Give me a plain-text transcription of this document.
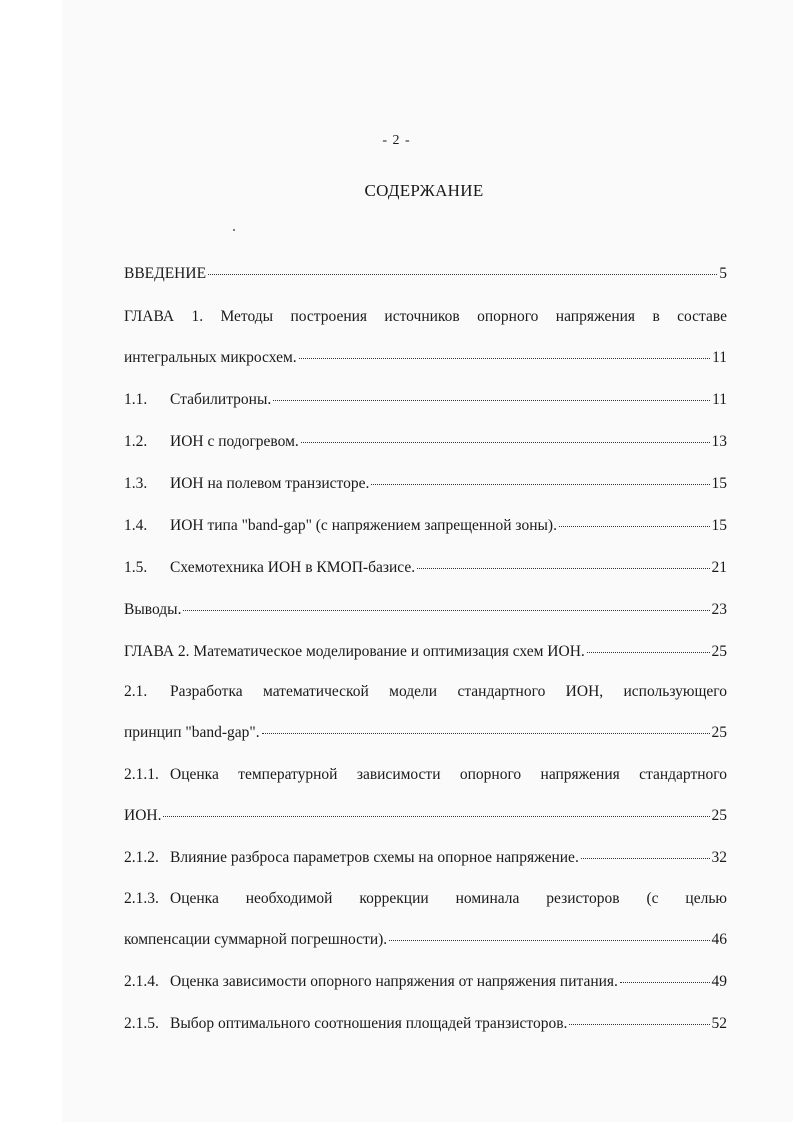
- 2 -
СОДЕРЖАНИЕ
ВВЕДЕНИЕ	5
ГЛАВА 1. Методы построения источников опорного напряжения в составе
интегральных микросхем.	11
1.1.	Стабилитроны.	11
1.2.	ИОН с подогревом.	13
1.3.	ИОН на полевом транзисторе.	15
1.4.	ИОН типа "band-gap" (с напряжением запрещенной зоны).	15
1.5.	Схемотехника ИОН в КМОП-базисе.	21
Выводы.	23
ГЛАВА 2. Математическое моделирование и оптимизация схем ИОН.	25
2.1.	Разработка математической модели стандартного ИОН, использующего
принцип "band-gap".	25
2.1.1. Оценка температурной зависимости опорного напряжения стандартного
ИОН.	25
2.1.2. Влияние разброса параметров схемы на опорное напряжение.	32
2.1.3. Оценка необходимой коррекции номинала резисторов (с целью
компенсации суммарной погрешности).	46
2.1.4. Оценка зависимости опорного напряжения от напряжения питания.	49
2.1.5. Выбор оптимального соотношения площадей транзисторов.	52
